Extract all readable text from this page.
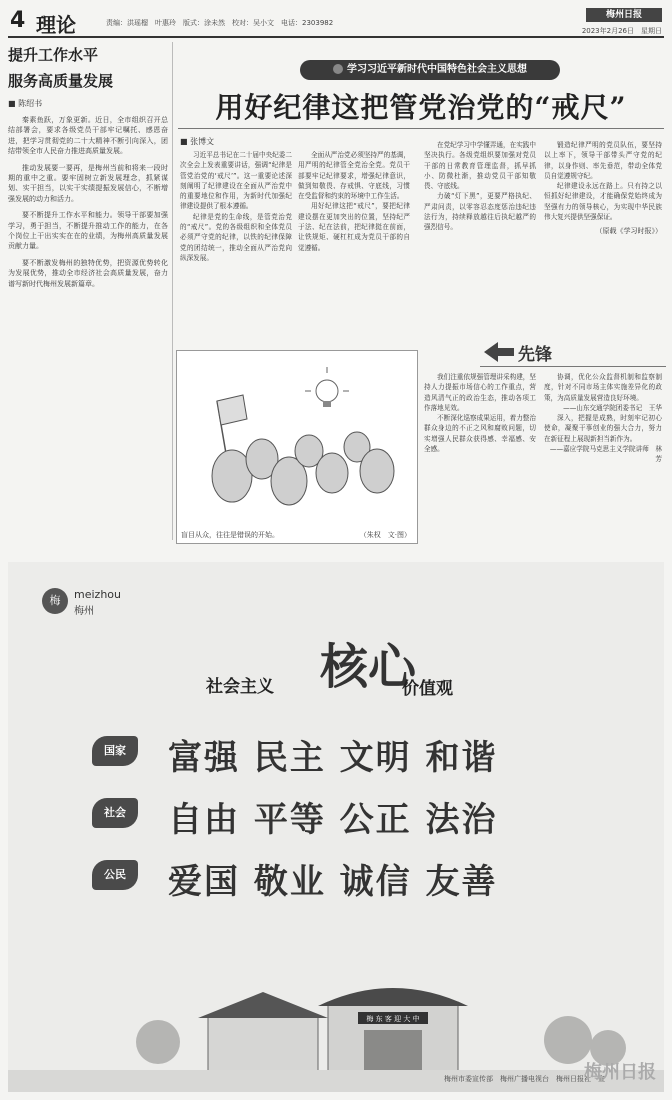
4 理论	责编：洪瑶榴　叶惠玲　版式：涂未然　校对：吴小文　电话：2303982
梅州日报
2023年2月26日　星期日
提升工作水平
服务高质量发展
■ 陈绍书
秦素鱼跃，万象更新。近日，全市组织召开总结部署会，要求各级党员干部牢记嘱托、感恩奋进，把学习贯彻党的二十大精神不断引向深入，团结带领全市人民奋力推进高质量发展。
推动发展要一要再，是梅州当前和将来一段时期的重中之重。要牢固树立新发展理念，抓紧谋划、实干担当，以实干实绩提振发展信心，不断增强发展的动力和活力。
要不断提升工作水平和能力。领导干部要加强学习，勇于担当，不断提升推动工作的能力，在各个岗位上干出实实在在的业绩，为梅州高质量发展贡献力量。
要不断激发梅州的独特优势，把资源优势转化为发展优势，推动全市经济社会高质量发展，奋力谱写新时代梅州发展新篇章。
学习习近平新时代中国特色社会主义思想
用好纪律这把管党治党的“戒尺”
■ 张博文

习近平总书记在二十届中央纪委二次全会上发表重要讲话，强调“纪律是管党治党的‘戒尺’”。这一重要论述深刻阐明了纪律建设在全面从严治党中的重要地位和作用，为新时代加强纪律建设提供了根本遵循。

纪律是党的生命线，是管党治党的“戒尺”。党的各级组织和全体党员必须严守党的纪律，以铁的纪律保障党的团结统一，推动全面从严治党向纵深发展。

全面从严治党必须坚持严的基调，用严明的纪律管全党治全党。党员干部要牢记纪律要求，增强纪律意识，做到知敬畏、存戒惧、守底线，习惯在受监督和约束的环境中工作生活。

用好纪律这把“戒尺”，要把纪律建设摆在更加突出的位置，坚持纪严于法、纪在法前，把纪律挺在前面，让铁规矩、硬杠杠成为党员干部的自觉遵循。

在党纪学习中学懂弄通，在实践中坚决执行。各级党组织要加强对党员干部的日常教育管理监督，抓早抓小、防微杜渐，推动党员干部知敬畏、守底线。

力破“灯下黑”，更要严格执纪、严肃问责，以零容忍态度惩治违纪违法行为，持续释放越往后执纪越严的强烈信号。

锻造纪律严明的党员队伍，要坚持以上率下，领导干部带头严守党的纪律，以身作则、率先垂范，带动全体党员自觉遵规守纪。

纪律建设永远在路上。只有持之以恒抓好纪律建设，才能确保党始终成为坚强有力的领导核心，为实现中华民族伟大复兴提供坚强保证。

（原载《学习时报》）
盲目从众，往往是错误的开始。	（朱权　文·图）
先锋

我们注重依规强管理讲采构建，坚持人力提振市场信心的工作重点，营造风清气正的政治生态，推动各项工作落地见效。

不断深化巡察成果运用，着力整治群众身边的不正之风和腐败问题，切实增强人民群众获得感、幸福感、安全感。

协调，优化公众监督机制和监察制度，针对不同市场主体实施差异化的政策，为高质量发展营造良好环境。

——山东交通学院团委书记　王华

深入，把握是成熟，时刻牢记初心使命，凝聚干事创业的强大合力，努力在新征程上展现新担当新作为。

——嘉应学院马克思主义学院讲师　林芳

梅	meizhou
梅州
社会主义 核心
价值观
国家	富强 民主 文明 和谐
社会	自由 平等 公正 法治
公民	爱国 敬业 诚信 友善
梅 东 客 迎 大 中
梅州市委宣传部　梅州广播电视台　梅州日报社　宣
梅州日报
